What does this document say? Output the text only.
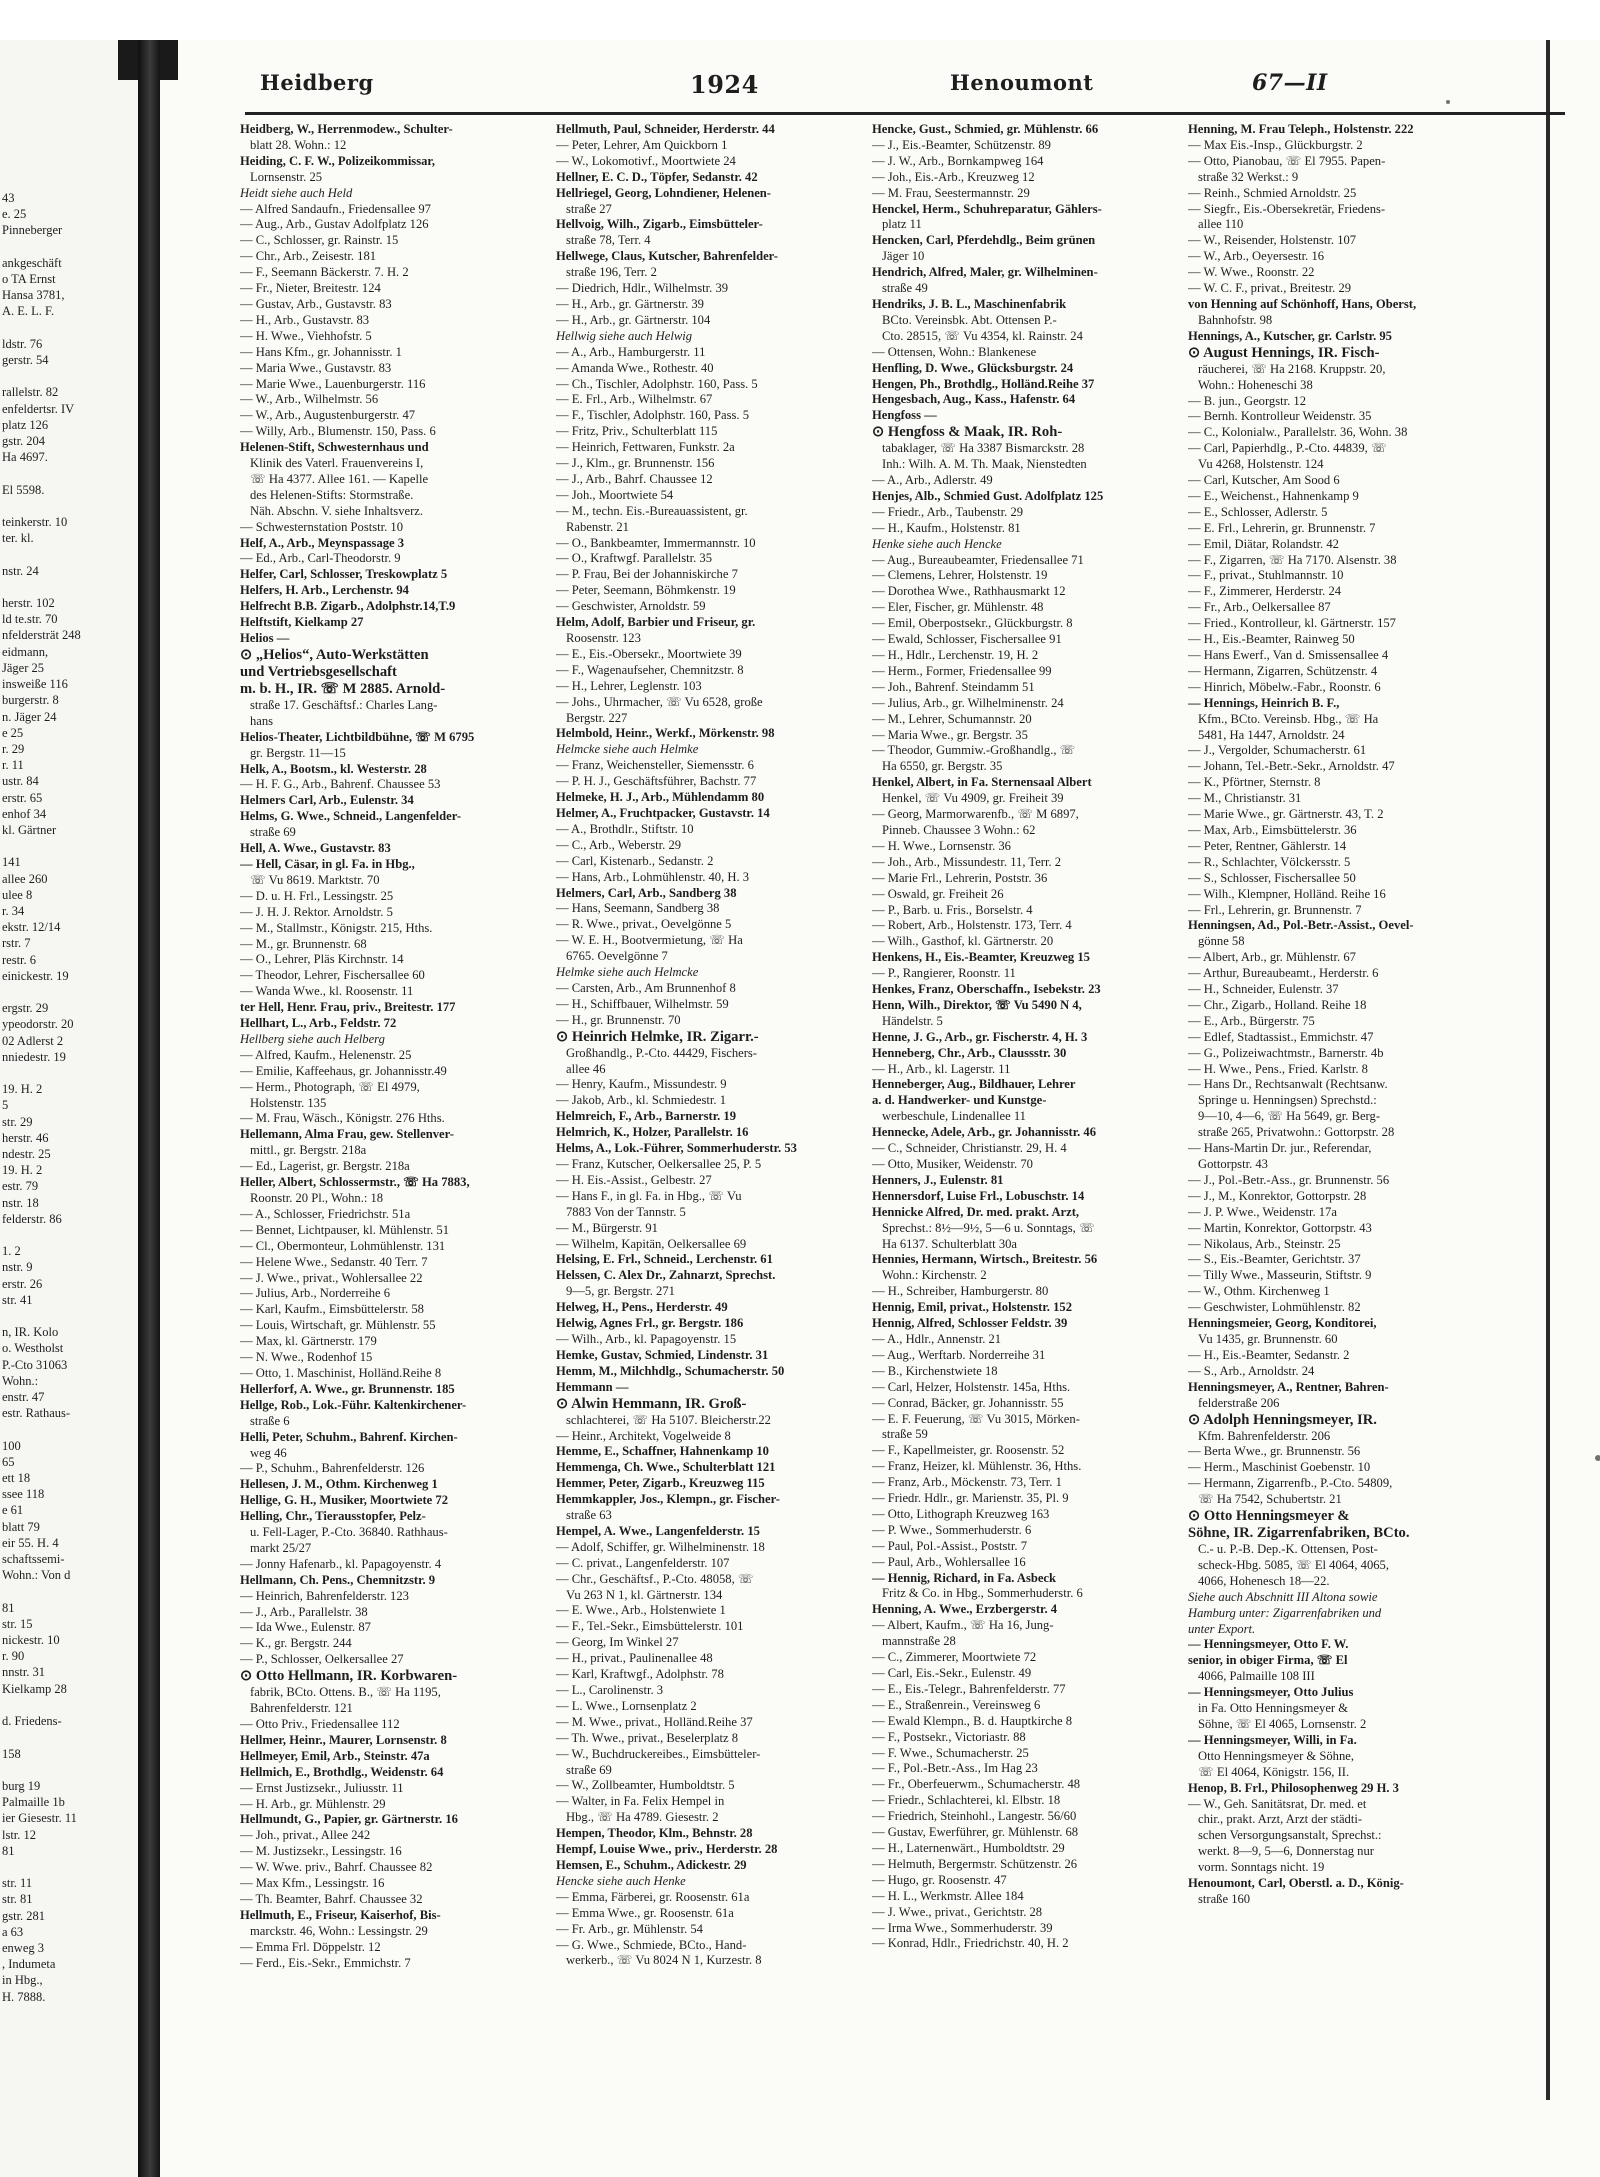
43
e. 25
Pinneberger

ankgeschäft
o TA Ernst
Hansa 3781,
A. E. L. F.

ldstr. 76
gerstr. 54

rallelstr. 82
enfeldertsr. IV
platz 126
gstr. 204
Ha 4697.

El 5598.

teinkerstr. 10
ter. kl.

nstr. 24

herstr. 102
ld te.str. 70
nfeldersträt 248
eidmann,
Jäger 25
insweiße 116
burgerstr. 8
n. Jäger 24
e 25
r. 29
r. 11
ustr. 84
erstr. 65
enhof 34
kl. Gärtner

141
allee 260
ulee 8
r. 34
ekstr. 12/14
rstr. 7
restr. 6
einickestr. 19

ergstr. 29
ypeodorstr. 20
02 Adlerst 2
nniedestr. 19

19. H. 2
5
str. 29
herstr. 46
ndestr. 25
19. H. 2
estr. 79
nstr. 18
felderstr. 86

1. 2
nstr. 9
erstr. 26
str. 41

n, IR. Kolo
o. Westholst
P.-Cto 31063
Wohn.:
enstr. 47
estr. Rathaus-

100
65
ett 18
ssee 118
e 61
blatt 79
eir 55. H. 4
schaftssemi-
Wohn.: Von d

81
str. 15
nickestr. 10
r. 90
nnstr. 31
Kielkamp 28

d. Friedens-

158

burg 19
Palmaille 1b
ier Giesestr. 11
lstr. 12
81

str. 11
str. 81
gstr. 281
a 63
enweg 3
, Indumeta
in Hbg.,
H. 7888.
Heidberg	1924	Henoumont	67—II
Heidberg, W., Herrenmodew., Schulter-
blatt 28. Wohn.: 12
Heiding, C. F. W., Polizeikommissar,
Lornsenstr. 25
Heidt siehe auch Held
— Alfred Sandaufn., Friedensallee 97
— Aug., Arb., Gustav Adolfplatz 126
— C., Schlosser, gr. Rainstr. 15
— Chr., Arb., Zeisestr. 181
— F., Seemann Bäckerstr. 7. H. 2
— Fr., Nieter, Breitestr. 124
— Gustav, Arb., Gustavstr. 83
— H., Arb., Gustavstr. 83
— H. Wwe., Viehhofstr. 5
— Hans Kfm., gr. Johannisstr. 1
— Maria Wwe., Gustavstr. 83
— Marie Wwe., Lauenburgerstr. 116
— W., Arb., Wilhelmstr. 56
— W., Arb., Augustenburgerstr. 47
— Willy, Arb., Blumenstr. 150, Pass. 6
Helenen-Stift, Schwesternhaus und
Klinik des Vaterl. Frauenvereins I,
☏ Ha 4377. Allee 161. — Kapelle
des Helenen-Stifts: Stormstraße.
Näh. Abschn. V. siehe Inhaltsverz.
— Schwesternstation Poststr. 10
Helf, A., Arb., Meynspassage 3
— Ed., Arb., Carl-Theodorstr. 9
Helfer, Carl, Schlosser, Treskowplatz 5
Helfers, H. Arb., Lerchenstr. 94
Helfrecht B.B. Zigarb., Adolphstr.14,T.9
Helftstift, Kielkamp 27
Helios —
⊙ „Helios“, Auto-Werkstätten
und Vertriebsgesellschaft
m. b. H., IR. ☏ M 2885. Arnold-
straße 17. Geschäftsf.: Charles Lang-
hans
Helios-Theater, Lichtbildbühne, ☏ M 6795
gr. Bergstr. 11—15
Helk, A., Bootsm., kl. Westerstr. 28
— H. F. G., Arb., Bahrenf. Chaussee 53
Helmers Carl, Arb., Eulenstr. 34
Helms, G. Wwe., Schneid., Langenfelder-
straße 69
Hell, A. Wwe., Gustavstr. 83
— Hell, Cäsar, in gl. Fa. in Hbg.,
☏ Vu 8619. Marktstr. 70
— D. u. H. Frl., Lessingstr. 25
— J. H. J. Rektor. Arnoldstr. 5
— M., Stallmstr., Königstr. 215, Hths.
— M., gr. Brunnenstr. 68
— O., Lehrer, Pläs Kirchnstr. 14
— Theodor, Lehrer, Fischersallee 60
— Wanda Wwe., kl. Roosenstr. 11
ter Hell, Henr. Frau, priv., Breitestr. 177
Hellhart, L., Arb., Feldstr. 72
Hellberg siehe auch Helberg
— Alfred, Kaufm., Helenenstr. 25
— Emilie, Kaffeehaus, gr. Johannisstr.49
— Herm., Photograph, ☏ El 4979,
Holstenstr. 135
— M. Frau, Wäsch., Königstr. 276 Hths.
Hellemann, Alma Frau, gew. Stellenver-
mittl., gr. Bergstr. 218a
— Ed., Lagerist, gr. Bergstr. 218a
Heller, Albert, Schlossermstr., ☏ Ha 7883,
Roonstr. 20 Pl., Wohn.: 18
— A., Schlosser, Friedrichstr. 51a
— Bennet, Lichtpauser, kl. Mühlenstr. 51
— Cl., Obermonteur, Lohmühlenstr. 131
— Helene Wwe., Sedanstr. 40 Terr. 7
— J. Wwe., privat., Wohlersallee 22
— Julius, Arb., Norderreihe 6
— Karl, Kaufm., Eimsbüttelerstr. 58
— Louis, Wirtschaft, gr. Mühlenstr. 55
— Max, kl. Gärtnerstr. 179
— N. Wwe., Rodenhof 15
— Otto, 1. Maschinist, Holländ.Reihe 8
Hellerforf, A. Wwe., gr. Brunnenstr. 185
Hellge, Rob., Lok.-Führ. Kaltenkirchener-
straße 6
Helli, Peter, Schuhm., Bahrenf. Kirchen-
weg 46
— P., Schuhm., Bahrenfelderstr. 126
Hellesen, J. M., Othm. Kirchenweg 1
Hellige, G. H., Musiker, Moortwiete 72
Helling, Chr., Tierausstopfer, Pelz-
u. Fell-Lager, P.-Cto. 36840. Rathhaus-
markt 25/27
— Jonny Hafenarb., kl. Papagoyenstr. 4
Hellmann, Ch. Pens., Chemnitzstr. 9
— Heinrich, Bahrenfelderstr. 123
— J., Arb., Parallelstr. 38
— Ida Wwe., Eulenstr. 87
— K., gr. Bergstr. 244
— P., Schlosser, Oelkersallee 27
⊙ Otto Hellmann, IR. Korbwaren-
fabrik, BCto. Ottens. B., ☏ Ha 1195,
Bahrenfelderstr. 121
— Otto Priv., Friedensallee 112
Hellmer, Heinr., Maurer, Lornsenstr. 8
Hellmeyer, Emil, Arb., Steinstr. 47a
Hellmich, E., Brothdlg., Weidenstr. 64
— Ernst Justizsekr., Juliusstr. 11
— H. Arb., gr. Mühlenstr. 29
Hellmundt, G., Papier, gr. Gärtnerstr. 16
— Joh., privat., Allee 242
— M. Justizsekr., Lessingstr. 16
— W. Wwe. priv., Bahrf. Chaussee 82
— Max Kfm., Lessingstr. 16
— Th. Beamter, Bahrf. Chaussee 32
Hellmuth, E., Friseur, Kaiserhof, Bis-
marckstr. 46, Wohn.: Lessingstr. 29
— Emma Frl. Döppelstr. 12
— Ferd., Eis.-Sekr., Emmichstr. 7
Hellmuth, Paul, Schneider, Herderstr. 44
— Peter, Lehrer, Am Quickborn 1
— W., Lokomotivf., Moortwiete 24
Hellner, E. C. D., Töpfer, Sedanstr. 42
Hellriegel, Georg, Lohndiener, Helenen-
straße 27
Hellvoig, Wilh., Zigarb., Eimsbütteler-
straße 78, Terr. 4
Hellwege, Claus, Kutscher, Bahrenfelder-
straße 196, Terr. 2
— Diedrich, Hdlr., Wilhelmstr. 39
— H., Arb., gr. Gärtnerstr. 39
— H., Arb., gr. Gärtnerstr. 104
Hellwig siehe auch Helwig
— A., Arb., Hamburgerstr. 11
— Amanda Wwe., Rothestr. 40
— Ch., Tischler, Adolphstr. 160, Pass. 5
— E. Frl., Arb., Wilhelmstr. 67
— F., Tischler, Adolphstr. 160, Pass. 5
— Fritz, Priv., Schulterblatt 115
— Heinrich, Fettwaren, Funkstr. 2a
— J., Klm., gr. Brunnenstr. 156
— J., Arb., Bahrf. Chaussee 12
— Joh., Moortwiete 54
— M., techn. Eis.-Bureauassistent, gr.
Rabenstr. 21
— O., Bankbeamter, Immermannstr. 10
— O., Kraftwgf. Parallelstr. 35
— P. Frau, Bei der Johanniskirche 7
— Peter, Seemann, Böhmkenstr. 19
— Geschwister, Arnoldstr. 59
Helm, Adolf, Barbier und Friseur, gr.
Roosenstr. 123
— E., Eis.-Obersekr., Moortwiete 39
— F., Wagenaufseher, Chemnitzstr. 8
— H., Lehrer, Leglenstr. 103
— Johs., Uhrmacher, ☏ Vu 6528, große
Bergstr. 227
Helmbold, Heinr., Werkf., Mörkenstr. 98
Helmcke siehe auch Helmke
— Franz, Weichensteller, Siemensstr. 6
— P. H. J., Geschäftsführer, Bachstr. 77
Helmeke, H. J., Arb., Mühlendamm 80
Helmer, A., Fruchtpacker, Gustavstr. 14
— A., Brothdlr., Stiftstr. 10
— C., Arb., Weberstr. 29
— Carl, Kistenarb., Sedanstr. 2
— Hans, Arb., Lohmühlenstr. 40, H. 3
Helmers, Carl, Arb., Sandberg 38
— Hans, Seemann, Sandberg 38
— R. Wwe., privat., Oevelgönne 5
— W. E. H., Bootvermietung, ☏ Ha
6765. Oevelgönne 7
Helmke siehe auch Helmcke
— Carsten, Arb., Am Brunnenhof 8
— H., Schiffbauer, Wilhelmstr. 59
— H., gr. Brunnenstr. 70
⊙ Heinrich Helmke, IR. Zigarr.-
Großhandlg., P.-Cto. 44429, Fischers-
allee 46
— Henry, Kaufm., Missundestr. 9
— Jakob, Arb., kl. Schmiedestr. 1
Helmreich, F., Arb., Barnerstr. 19
Helmrich, K., Holzer, Parallelstr. 16
Helms, A., Lok.-Führer, Sommerhuderstr. 53
— Franz, Kutscher, Oelkersallee 25, P. 5
— H. Eis.-Assist., Gelbestr. 27
— Hans F., in gl. Fa. in Hbg., ☏ Vu
7883 Von der Tannstr. 5
— M., Bürgerstr. 91
— Wilhelm, Kapitän, Oelkersallee 69
Helsing, E. Frl., Schneid., Lerchenstr. 61
Helssen, C. Alex Dr., Zahnarzt, Sprechst.
9—5, gr. Bergstr. 271
Helweg, H., Pens., Herderstr. 49
Helwig, Agnes Frl., gr. Bergstr. 186
— Wilh., Arb., kl. Papagoyenstr. 15
Hemke, Gustav, Schmied, Lindenstr. 31
Hemm, M., Milchhdlg., Schumacherstr. 50
Hemmann —
⊙ Alwin Hemmann, IR. Groß-
schlachterei, ☏ Ha 5107. Bleicherstr.22
— Heinr., Architekt, Vogelweide 8
Hemme, E., Schaffner, Hahnenkamp 10
Hemmenga, Ch. Wwe., Schulterblatt 121
Hemmer, Peter, Zigarb., Kreuzweg 115
Hemmkappler, Jos., Klempn., gr. Fischer-
straße 63
Hempel, A. Wwe., Langenfelderstr. 15
— Adolf, Schiffer, gr. Wilhelminenstr. 18
— C. privat., Langenfelderstr. 107
— Chr., Geschäftsf., P.-Cto. 48058, ☏
Vu 263 N 1, kl. Gärtnerstr. 134
— E. Wwe., Arb., Holstenwiete 1
— F., Tel.-Sekr., Eimsbüttelerstr. 101
— Georg, Im Winkel 27
— H., privat., Paulinenallee 48
— Karl, Kraftwgf., Adolphstr. 78
— L., Carolinenstr. 3
— L. Wwe., Lornsenplatz 2
— M. Wwe., privat., Holländ.Reihe 37
— Th. Wwe., privat., Beselerplatz 8
— W., Buchdruckereibes., Eimsbütteler-
straße 69
— W., Zollbeamter, Humboldtstr. 5
— Walter, in Fa. Felix Hempel in
Hbg., ☏ Ha 4789. Giesestr. 2
Hempen, Theodor, Klm., Behnstr. 28
Hempf, Louise Wwe., priv., Herderstr. 28
Hemsen, E., Schuhm., Adickestr. 29
Hencke siehe auch Henke
— Emma, Färberei, gr. Roosenstr. 61a
— Emma Wwe., gr. Roosenstr. 61a
— Fr. Arb., gr. Mühlenstr. 54
— G. Wwe., Schmiede, BCto., Hand-
werkerb., ☏ Vu 8024 N 1, Kurzestr. 8
Hencke, Gust., Schmied, gr. Mühlenstr. 66
— J., Eis.-Beamter, Schützenstr. 89
— J. W., Arb., Bornkampweg 164
— Joh., Eis.-Arb., Kreuzweg 12
— M. Frau, Seestermannstr. 29
Henckel, Herm., Schuhreparatur, Gählers-
platz 11
Hencken, Carl, Pferdehdlg., Beim grünen
Jäger 10
Hendrich, Alfred, Maler, gr. Wilhelminen-
straße 49
Hendriks, J. B. L., Maschinenfabrik
BCto. Vereinsbk. Abt. Ottensen P.-
Cto. 28515, ☏ Vu 4354, kl. Rainstr. 24
— Ottensen, Wohn.: Blankenese
Henfling, D. Wwe., Glücksburgstr. 24
Hengen, Ph., Brothdlg., Holländ.Reihe 37
Hengesbach, Aug., Kass., Hafenstr. 64
Hengfoss —
⊙ Hengfoss & Maak, IR. Roh-
tabaklager, ☏ Ha 3387 Bismarckstr. 28
Inh.: Wilh. A. M. Th. Maak, Nienstedten
— A., Arb., Adlerstr. 49
Henjes, Alb., Schmied Gust. Adolfplatz 125
— Friedr., Arb., Taubenstr. 29
— H., Kaufm., Holstenstr. 81
Henke siehe auch Hencke
— Aug., Bureaubeamter, Friedensallee 71
— Clemens, Lehrer, Holstenstr. 19
— Dorothea Wwe., Rathhausmarkt 12
— Eler, Fischer, gr. Mühlenstr. 48
— Emil, Oberpostsekr., Glückburgstr. 8
— Ewald, Schlosser, Fischersallee 91
— H., Hdlr., Lerchenstr. 19, H. 2
— Herm., Former, Friedensallee 99
— Joh., Bahrenf. Steindamm 51
— Julius, Arb., gr. Wilhelminenstr. 24
— M., Lehrer, Schumannstr. 20
— Maria Wwe., gr. Bergstr. 35
— Theodor, Gummiw.-Großhandlg., ☏
Ha 6550, gr. Bergstr. 35
Henkel, Albert, in Fa. Sternensaal Albert
Henkel, ☏ Vu 4909, gr. Freiheit 39
— Georg, Marmorwarenfb., ☏ M 6897,
Pinneb. Chaussee 3 Wohn.: 62
— H. Wwe., Lornsenstr. 36
— Joh., Arb., Missundestr. 11, Terr. 2
— Marie Frl., Lehrerin, Poststr. 36
— Oswald, gr. Freiheit 26
— P., Barb. u. Fris., Borselstr. 4
— Robert, Arb., Holstenstr. 173, Terr. 4
— Wilh., Gasthof, kl. Gärtnerstr. 20
Henkens, H., Eis.-Beamter, Kreuzweg 15
— P., Rangierer, Roonstr. 11
Henkes, Franz, Oberschaffn., Isebekstr. 23
Henn, Wilh., Direktor, ☏ Vu 5490 N 4,
Händelstr. 5
Henne, J. G., Arb., gr. Fischerstr. 4, H. 3
Henneberg, Chr., Arb., Claussstr. 30
— H., Arb., kl. Lagerstr. 11
Henneberger, Aug., Bildhauer, Lehrer
a. d. Handwerker- und Kunstge-
werbeschule, Lindenallee 11
Hennecke, Adele, Arb., gr. Johannisstr. 46
— C., Schneider, Christianstr. 29, H. 4
— Otto, Musiker, Weidenstr. 70
Henners, J., Eulenstr. 81
Hennersdorf, Luise Frl., Lobuschstr. 14
Hennicke Alfred, Dr. med. prakt. Arzt,
Sprechst.: 8½—9½, 5—6 u. Sonntags, ☏
Ha 6137. Schulterblatt 30a
Hennies, Hermann, Wirtsch., Breitestr. 56
Wohn.: Kirchenstr. 2
— H., Schreiber, Hamburgerstr. 80
Hennig, Emil, privat., Holstenstr. 152
Hennig, Alfred, Schlosser Feldstr. 39
— A., Hdlr., Annenstr. 21
— Aug., Werftarb. Norderreihe 31
— B., Kirchenstwiete 18
— Carl, Helzer, Holstenstr. 145a, Hths.
— Conrad, Bäcker, gr. Johannisstr. 55
— E. F. Feuerung, ☏ Vu 3015, Mörken-
straße 59
— F., Kapellmeister, gr. Roosenstr. 52
— Franz, Heizer, kl. Mühlenstr. 36, Hths.
— Franz, Arb., Möckenstr. 73, Terr. 1
— Friedr. Hdlr., gr. Marienstr. 35, Pl. 9
— Otto, Lithograph Kreuzweg 163
— P. Wwe., Sommerhuderstr. 6
— Paul, Pol.-Assist., Poststr. 7
— Paul, Arb., Wohlersallee 16
— Hennig, Richard, in Fa. Asbeck
Fritz & Co. in Hbg., Sommerhuderstr. 6
Henning, A. Wwe., Erzbergerstr. 4
— Albert, Kaufm., ☏ Ha 16, Jung-
mannstraße 28
— C., Zimmerer, Moortwiete 72
— Carl, Eis.-Sekr., Eulenstr. 49
— E., Eis.-Telegr., Bahrenfelderstr. 77
— E., Straßenrein., Vereinsweg 6
— Ewald Klempn., B. d. Hauptkirche 8
— F., Postsekr., Victoriastr. 88
— F. Wwe., Schumacherstr. 25
— F., Pol.-Betr.-Ass., Im Hag 23
— Fr., Oberfeuerwm., Schumacherstr. 48
— Friedr., Schlachterei, kl. Elbstr. 18
— Friedrich, Steinhohl., Langestr. 56/60
— Gustav, Ewerführer, gr. Mühlenstr. 68
— H., Laternenwärt., Humboldtstr. 29
— Helmuth, Bergermstr. Schützenstr. 26
— Hugo, gr. Roosenstr. 47
— H. L., Werkmstr. Allee 184
— J. Wwe., privat., Gerichtstr. 28
— Irma Wwe., Sommerhuderstr. 39
— Konrad, Hdlr., Friedrichstr. 40, H. 2
Henning, M. Frau Teleph., Holstenstr. 222
— Max Eis.-Insp., Glückburgstr. 2
— Otto, Pianobau, ☏ El 7955. Papen-
straße 32 Werkst.: 9
— Reinh., Schmied Arnoldstr. 25
— Siegfr., Eis.-Obersekretär, Friedens-
allee 110
— W., Reisender, Holstenstr. 107
— W., Arb., Oeyersestr. 16
— W. Wwe., Roonstr. 22
— W. C. F., privat., Breitestr. 29
von Henning auf Schönhoff, Hans, Oberst,
Bahnhofstr. 98
Hennings, A., Kutscher, gr. Carlstr. 95
⊙ August Hennings, IR. Fisch-
räucherei, ☏ Ha 2168. Kruppstr. 20,
Wohn.: Hoheneschi 38
— B. jun., Georgstr. 12
— Bernh. Kontrolleur Weidenstr. 35
— C., Kolonialw., Parallelstr. 36, Wohn. 38
— Carl, Papierhdlg., P.-Cto. 44839, ☏
Vu 4268, Holstenstr. 124
— Carl, Kutscher, Am Sood 6
— E., Weichenst., Hahnenkamp 9
— E., Schlosser, Adlerstr. 5
— E. Frl., Lehrerin, gr. Brunnenstr. 7
— Emil, Diätar, Rolandstr. 42
— F., Zigarren, ☏ Ha 7170. Alsenstr. 38
— F., privat., Stuhlmannstr. 10
— F., Zimmerer, Herderstr. 24
— Fr., Arb., Oelkersallee 87
— Fried., Kontrolleur, kl. Gärtnerstr. 157
— H., Eis.-Beamter, Rainweg 50
— Hans Ewerf., Van d. Smissensallee 4
— Hermann, Zigarren, Schützenstr. 4
— Hinrich, Möbelw.-Fabr., Roonstr. 6
— Hennings, Heinrich B. F.,
Kfm., BCto. Vereinsb. Hbg., ☏ Ha
5481, Ha 1447, Arnoldstr. 24
— J., Vergolder, Schumacherstr. 61
— Johann, Tel.-Betr.-Sekr., Arnoldstr. 47
— K., Pförtner, Sternstr. 8
— M., Christianstr. 31
— Marie Wwe., gr. Gärtnerstr. 43, T. 2
— Max, Arb., Eimsbüttelerstr. 36
— Peter, Rentner, Gählerstr. 14
— R., Schlachter, Völckersstr. 5
— S., Schlosser, Fischersallee 50
— Wilh., Klempner, Holländ. Reihe 16
— Frl., Lehrerin, gr. Brunnenstr. 7
Henningsen, Ad., Pol.-Betr.-Assist., Oevel-
gönne 58
— Albert, Arb., gr. Mühlenstr. 67
— Arthur, Bureaubeamt., Herderstr. 6
— H., Schneider, Eulenstr. 37
— Chr., Zigarb., Holland. Reihe 18
— E., Arb., Bürgerstr. 75
— Edlef, Stadtassist., Emmichstr. 47
— G., Polizeiwachtmstr., Barnerstr. 4b
— H. Wwe., Pens., Fried. Karlstr. 8
— Hans Dr., Rechtsanwalt (Rechtsanw.
Springe u. Henningsen) Sprechstd.:
9—10, 4—6, ☏ Ha 5649, gr. Berg-
straße 265, Privatwohn.: Gottorpstr. 28
— Hans-Martin Dr. jur., Referendar,
Gottorpstr. 43
— J., Pol.-Betr.-Ass., gr. Brunnenstr. 56
— J., M., Konrektor, Gottorpstr. 28
— J. P. Wwe., Weidenstr. 17a
— Martin, Konrektor, Gottorpstr. 43
— Nikolaus, Arb., Steinstr. 25
— S., Eis.-Beamter, Gerichtstr. 37
— Tilly Wwe., Masseurin, Stiftstr. 9
— W., Othm. Kirchenweg 1
— Geschwister, Lohmühlenstr. 82
Henningsmeier, Georg, Konditorei,
Vu 1435, gr. Brunnenstr. 60
— H., Eis.-Beamter, Sedanstr. 2
— S., Arb., Arnoldstr. 24
Henningsmeyer, A., Rentner, Bahren-
felderstraße 206
⊙ Adolph Henningsmeyer, IR.
Kfm. Bahrenfelderstr. 206
— Berta Wwe., gr. Brunnenstr. 56
— Herm., Maschinist Goebenstr. 10
— Hermann, Zigarrenfb., P.-Cto. 54809,
☏ Ha 7542, Schubertstr. 21
⊙ Otto Henningsmeyer &
Söhne, IR. Zigarrenfabriken, BCto.
C.- u. P.-B. Dep.-K. Ottensen, Post-
scheck-Hbg. 5085, ☏ El 4064, 4065,
4066, Hohenesch 18—22.
Siehe auch Abschnitt III Altona sowie
Hamburg unter: Zigarrenfabriken und
unter Export.
— Henningsmeyer, Otto F. W.
senior, in obiger Firma, ☏ El
4066, Palmaille 108 III
— Henningsmeyer, Otto Julius
in Fa. Otto Henningsmeyer &
Söhne, ☏ El 4065, Lornsenstr. 2
— Henningsmeyer, Willi, in Fa.
Otto Henningsmeyer & Söhne,
☏ El 4064, Königstr. 156, II.
Henop, B. Frl., Philosophenweg 29 H. 3
— W., Geh. Sanitätsrat, Dr. med. et
chir., prakt. Arzt, Arzt der städti-
schen Versorgungsanstalt, Sprechst.:
werkt. 8—9, 5—6, Donnerstag nur
vorm. Sonntags nicht. 19
Henoumont, Carl, Oberstl. a. D., König-
straße 160
